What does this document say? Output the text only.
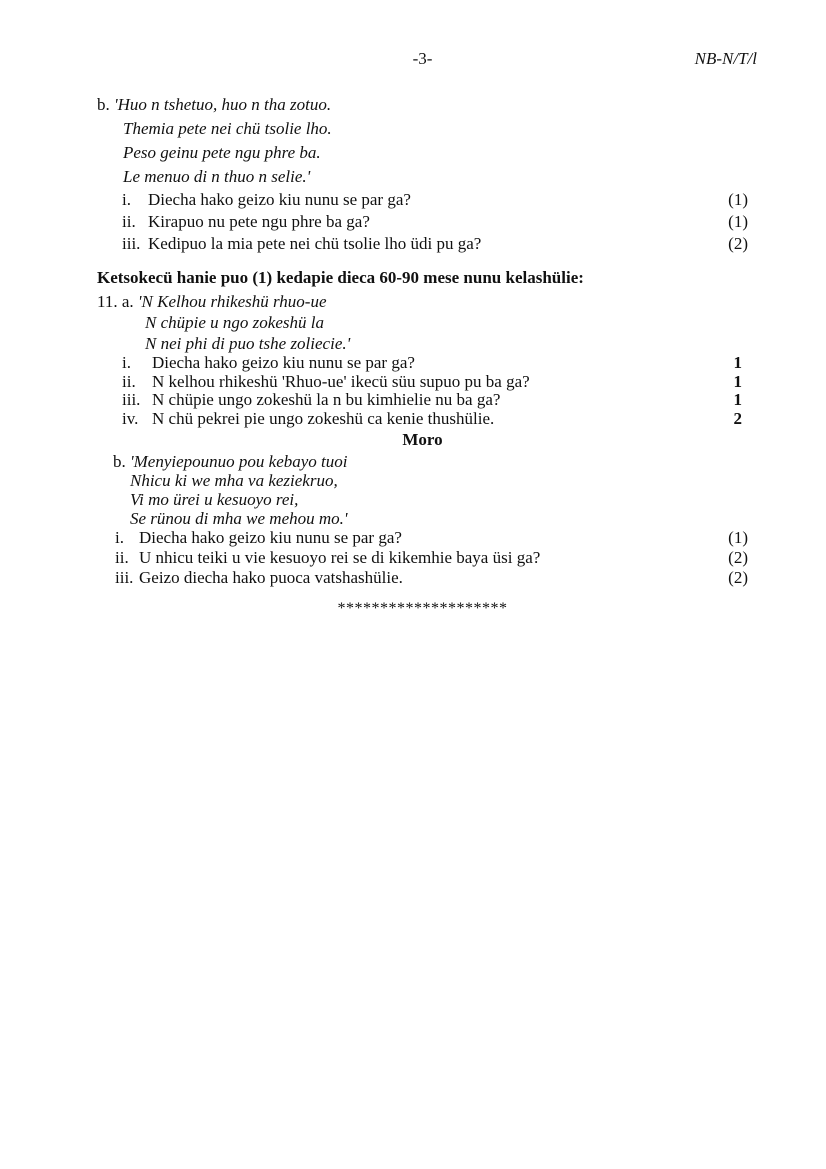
-3-	NB-N/T/l
b. 'Huo n tshetuo, huo n tha zotuo.
Themia pete nei chü tsolie lho.
Peso geinu pete ngu phre ba.
Le menuo di n thuo n selie.'
i.	Diecha hako geizo kiu nunu se par ga?	(1)
ii. Kirapuo nu pete ngu phre ba ga?	(1)
iii. Kedipuo la mia pete nei chü tsolie lho üdi pu ga?	(2)
Ketsokecü hanie puo (1) kedapie dieca 60-90 mese nunu kelashülie:
11. a. 'N Kelhou rhikeshü rhuo-ue
N chüpie u ngo zokeshü la
N nei phi di puo tshe zoliecie.'
i.	Diecha hako geizo kiu nunu se par ga?	1
ii. N kelhou rhikeshü 'Rhuo-ue' ikecü süu supuo pu ba ga?	1
iii. N chüpie ungo zokeshü la n bu kimhielie nu ba ga?	1
iv. N chü pekrei pie ungo zokeshü ca kenie thushülie.	2
Moro
b. 'Menyiepounuo pou kebayo tuoi
Nhicu ki we mha va keziekruo,
Vi mo ürei u kesuoyo rei,
Se rünou di mha we mehou mo.'
i. Diecha hako geizo kiu nunu se par ga?	(1)
ii. U nhicu teiki u vie kesuoyo rei se di kikemhie baya üsi ga?	(2)
iii. Geizo diecha hako puoca vatshashülie.	(2)
********************
